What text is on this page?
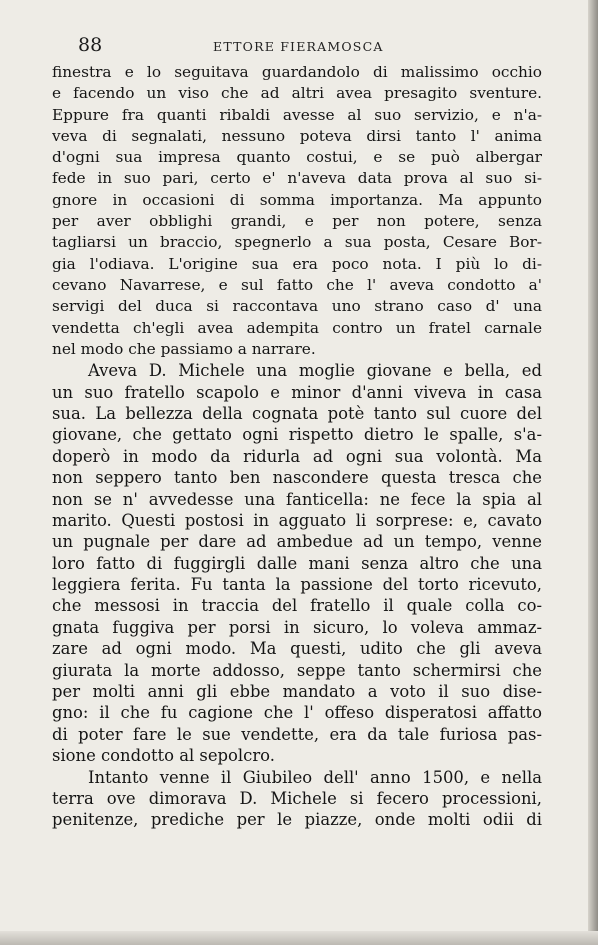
88	ETTORE FIERAMOSCA
finestra e lo seguitava guardandolo di malissimo occhio
e facendo un viso che ad altri avea presagito sventure.
Eppure fra quanti ribaldi avesse al suo servizio, e n'a-
veva di segnalati, nessuno poteva dirsi tanto l' anima
d'ogni sua impresa quanto costui, e se può albergar
fede in suo pari, certo e' n'aveva data prova al suo si-
gnore in occasioni di somma importanza. Ma appunto
per aver obblighi grandi, e per non potere, senza
tagliarsi un braccio, spegnerlo a sua posta, Cesare Bor-
gia l'odiava. L'origine sua era poco nota. I più lo di-
cevano Navarrese, e sul fatto che l' aveva condotto a'
servigi del duca si raccontava uno strano caso d' una
vendetta ch'egli avea adempita contro un fratel carnale
nel modo che passiamo a narrare.
Aveva D. Michele una moglie giovane e bella, ed
un suo fratello scapolo e minor d'anni viveva in casa
sua. La bellezza della cognata potè tanto sul cuore del
giovane, che gettato ogni rispetto dietro le spalle, s'a-
doperò in modo da ridurla ad ogni sua volontà. Ma
non seppero tanto ben nascondere questa tresca che
non se n' avvedesse una fanticella: ne fece la spia al
marito. Questi postosi in agguato li sorprese: e, cavato
un pugnale per dare ad ambedue ad un tempo, venne
loro fatto di fuggirgli dalle mani senza altro che una
leggiera ferita. Fu tanta la passione del torto ricevuto,
che messosi in traccia del fratello il quale colla co-
gnata fuggiva per porsi in sicuro, lo voleva ammaz-
zare ad ogni modo. Ma questi, udito che gli aveva
giurata la morte addosso, seppe tanto schermirsi che
per molti anni gli ebbe mandato a voto il suo dise-
gno: il che fu cagione che l' offeso disperatosi affatto
di poter fare le sue vendette, era da tale furiosa pas-
sione condotto al sepolcro.
Intanto venne il Giubileo dell' anno 1500, e nella
terra ove dimorava D. Michele si fecero processioni,
penitenze, prediche per le piazze, onde molti odii di
